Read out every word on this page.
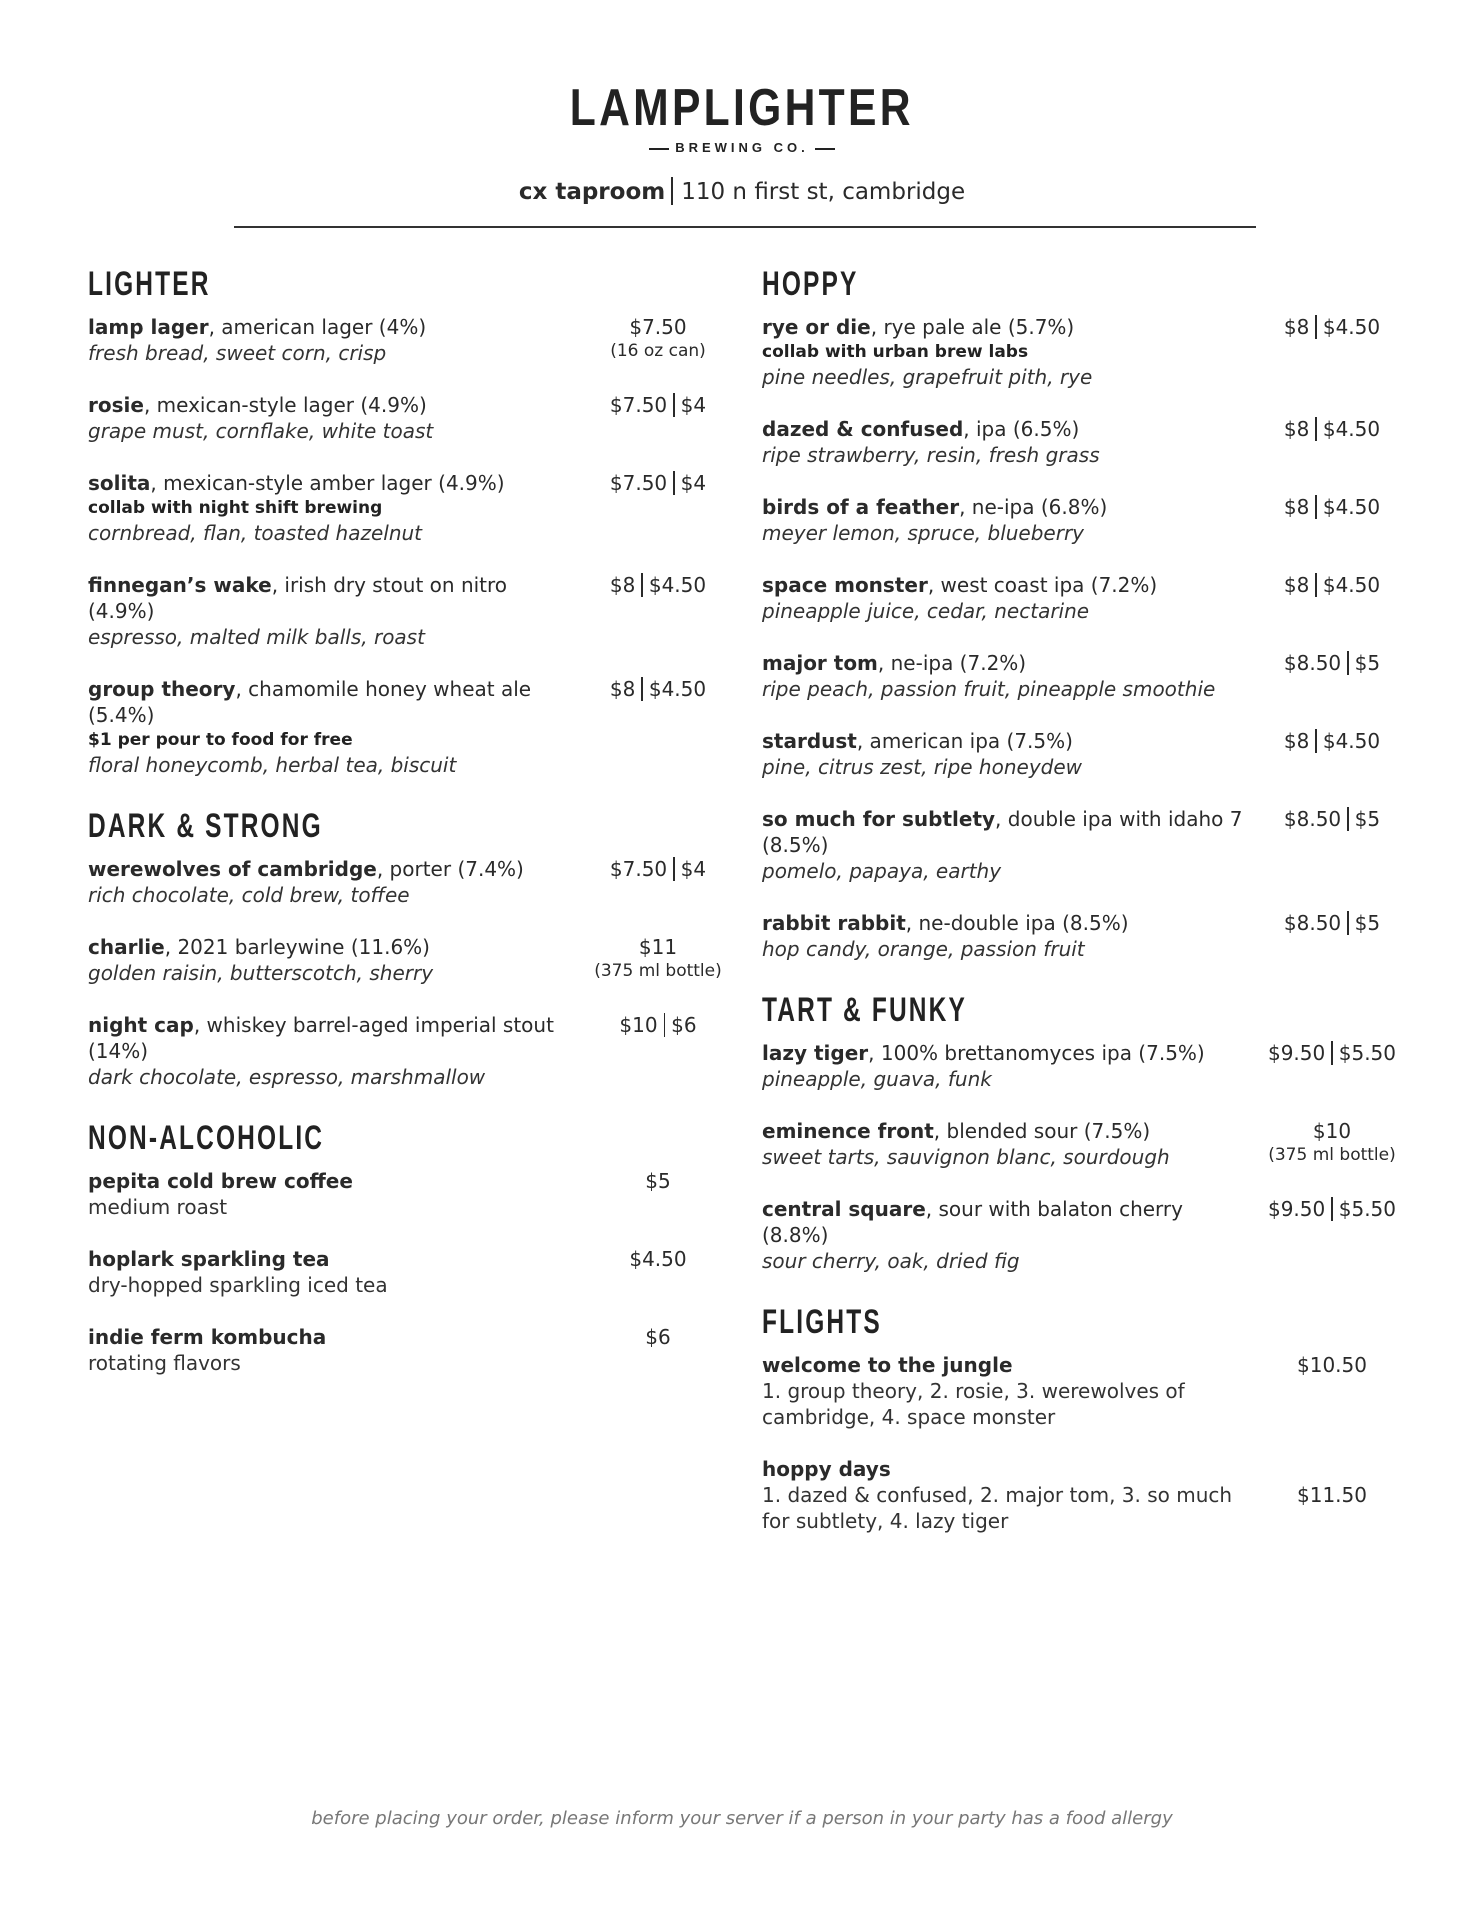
LAMPLIGHTER
BREWING CO.
cx taproom 110 n first st, cambridge
LIGHTER
lamp lager, american lager (4%)
fresh bread, sweet corn, crisp
$7.50
(16 oz can)
rosie, mexican-style lager (4.9%)
grape must, cornflake, white toast
$7.50 $4
solita, mexican-style amber lager (4.9%)
collab with night shift brewing
cornbread, flan, toasted hazelnut
$7.50 $4
finnegan’s wake, irish dry stout on nitro (4.9%)
espresso, malted milk balls, roast
$8 $4.50
group theory, chamomile honey wheat ale (5.4%)
$1 per pour to food for free
floral honeycomb, herbal tea, biscuit
$8 $4.50
DARK & STRONG
werewolves of cambridge, porter (7.4%)
rich chocolate, cold brew, toffee
$7.50 $4
charlie, 2021 barleywine (11.6%)
golden raisin, butterscotch, sherry
$11
(375 ml bottle)
night cap, whiskey barrel-aged imperial stout (14%)
dark chocolate, espresso, marshmallow
$10 $6
NON-ALCOHOLIC
pepita cold brew coffee
medium roast
$5
hoplark sparkling tea
dry-hopped sparkling iced tea
$4.50
indie ferm kombucha
rotating flavors
$6
HOPPY
rye or die, rye pale ale (5.7%)
collab with urban brew labs
pine needles, grapefruit pith, rye
$8 $4.50
dazed & confused, ipa (6.5%)
ripe strawberry, resin, fresh grass
$8 $4.50
birds of a feather, ne-ipa (6.8%)
meyer lemon, spruce, blueberry
$8 $4.50
space monster, west coast ipa (7.2%)
pineapple juice, cedar, nectarine
$8 $4.50
major tom, ne-ipa (7.2%)
ripe peach, passion fruit, pineapple smoothie
$8.50 $5
stardust, american ipa (7.5%)
pine, citrus zest, ripe honeydew
$8 $4.50
so much for subtlety, double ipa with idaho 7 (8.5%)
pomelo, papaya, earthy
$8.50 $5
rabbit rabbit, ne-double ipa (8.5%)
hop candy, orange, passion fruit
$8.50 $5
TART & FUNKY
lazy tiger, 100% brettanomyces ipa (7.5%)
pineapple, guava, funk
$9.50 $5.50
eminence front, blended sour (7.5%)
sweet tarts, sauvignon blanc, sourdough
$10
(375 ml bottle)
central square, sour with balaton cherry (8.8%)
sour cherry, oak, dried fig
$9.50 $5.50
FLIGHTS
welcome to the jungle
1. group theory, 2. rosie, 3. werewolves of cambridge, 4. space monster
$10.50
hoppy days
1. dazed & confused, 2. major tom, 3. so much for subtlety, 4. lazy tiger
$11.50
before placing your order, please inform your server if a person in your party has a food allergy
